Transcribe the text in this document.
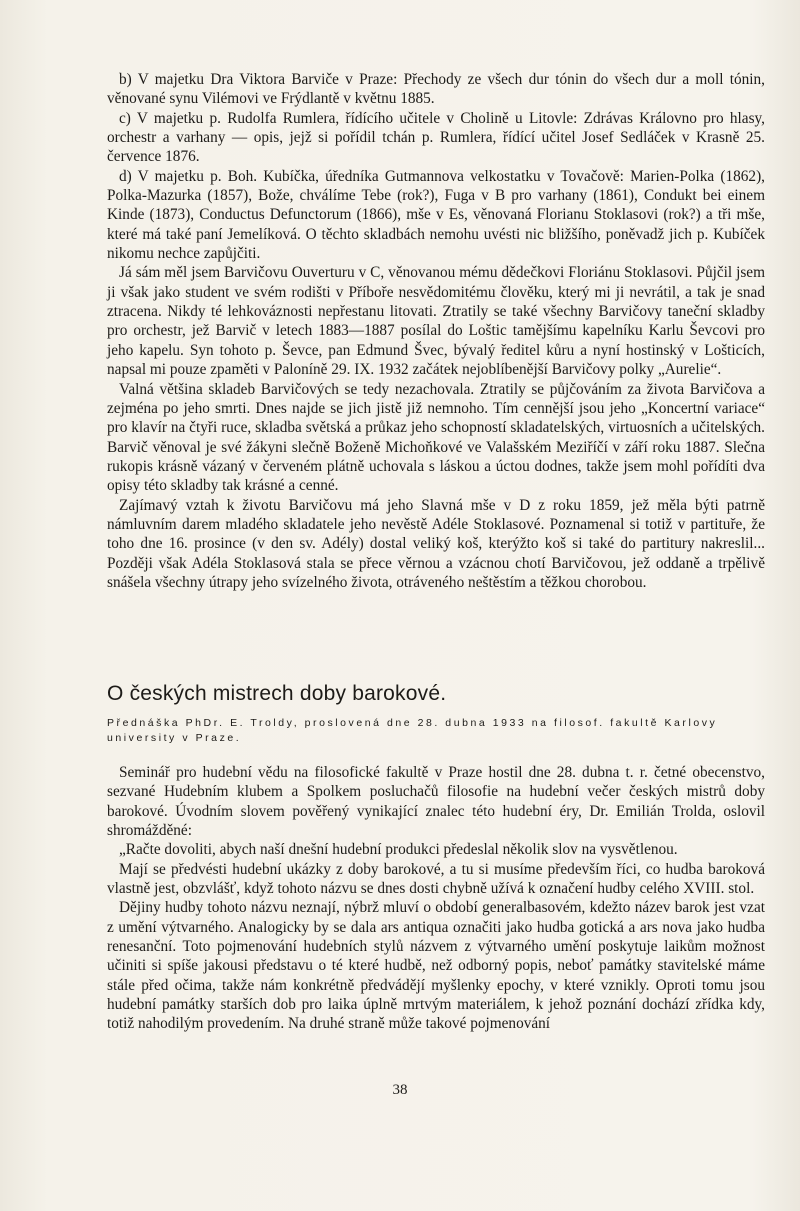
b) V majetku Dra Viktora Barviče v Praze: Přechody ze všech dur tónin do všech dur a moll tónin, věnované synu Vilémovi ve Frýdlantě v květnu 1885.

c) V majetku p. Rudolfa Rumlera, řídícího učitele v Cholině u Litovle: Zdrávas Královno pro hlasy, orchestr a varhany — opis, jejž si pořídil tchán p. Rumlera, řídící učitel Josef Sedláček v Krasně 25. července 1876.

d) V majetku p. Boh. Kubíčka, úředníka Gutmannova velkostatku v Tovačově: Marien-Polka (1862), Polka-Mazurka (1857), Bože, chválíme Tebe (rok?), Fuga v B pro varhany (1861), Condukt bei einem Kinde (1873), Conductus Defunctorum (1866), mše v Es, věnovaná Florianu Stoklasovi (rok?) a tři mše, které má také paní Jemelíková. O těchto skladbách nemohu uvésti nic bližšího, poněvadž jich p. Kubíček nikomu nechce zapůjčiti.

Já sám měl jsem Barvičovu Ouverturu v C, věnovanou mému dědečkovi Floriánu Stoklasovi. Půjčil jsem ji však jako student ve svém rodišti v Příboře nesvědomitému člověku, který mi ji nevrátil, a tak je snad ztracena. Nikdy té lehkováznosti nepřestanu litovati. Ztratily se také všechny Barvičovy taneční skladby pro orchestr, jež Barvič v letech 1883—1887 posílal do Loštic tamějšímu kapelníku Karlu Ševcovi pro jeho kapelu. Syn tohoto p. Ševce, pan Edmund Švec, bývalý ředitel kůru a nyní hostinský v Lošticích, napsal mi pouze zpaměti v Paloníně 29. IX. 1932 začátek nejoblíbenější Barvičovy polky „Aurelie“.

Valná většina skladeb Barvičových se tedy nezachovala. Ztratily se půjčováním za života Barvičova a zejména po jeho smrti. Dnes najde se jich jistě již nemnoho. Tím cennější jsou jeho „Koncertní variace“ pro klavír na čtyři ruce, skladba světská a průkaz jeho schopností skladatelských, virtuosních a učitelských. Barvič věnoval je své žákyni slečně Boženě Michoňkové ve Valašském Meziříčí v září roku 1887. Slečna rukopis krásně vázaný v červeném plátně uchovala s láskou a úctou dodnes, takže jsem mohl pořídíti dva opisy této skladby tak krásné a cenné.

Zajímavý vztah k životu Barvičovu má jeho Slavná mše v D z roku 1859, jež měla býti patrně námluvním darem mladého skladatele jeho nevěstě Adéle Stoklasové. Poznamenal si totiž v partituře, že toho dne 16. prosince (v den sv. Adély) dostal veliký koš, kterýžto koš si také do partitury nakreslil... Později však Adéla Stoklasová stala se přece věrnou a vzácnou chotí Barvičovou, jež oddaně a trpělivě snášela všechny útrapy jeho svízelného života, otráveného neštěstím a těžkou chorobou.

O českých mistrech doby barokové.
Přednáška PhDr. E. Troldy, proslovená dne 28. dubna 1933 na filosof. fakultě Karlovy university v Praze.

Seminář pro hudební vědu na filosofické fakultě v Praze hostil dne 28. dubna t. r. četné obecenstvo, sezvané Hudebním klubem a Spolkem posluchačů filosofie na hudební večer českých mistrů doby barokové. Úvodním slovem pověřený vynikající znalec této hudební éry, Dr. Emilián Trolda, oslovil shromážděné:

„Račte dovoliti, abych naší dnešní hudební produkci předeslal několik slov na vysvětlenou.

Mají se předvésti hudební ukázky z doby barokové, a tu si musíme především říci, co hudba baroková vlastně jest, obzvlášť, když tohoto názvu se dnes dosti chybně užívá k označení hudby celého XVIII. stol.

Dějiny hudby tohoto názvu neznají, nýbrž mluví o období generalbasovém, kdežto název barok jest vzat z umění výtvarného. Analogicky by se dala ars antiqua označiti jako hudba gotická a ars nova jako hudba renesanční. Toto pojmenování hudebních stylů názvem z výtvarného umění poskytuje laikům možnost učiniti si spíše jakousi představu o té které hudbě, než odborný popis, neboť památky stavitelské máme stále před očima, takže nám konkrétně předvádějí myšlenky epochy, v které vznikly. Oproti tomu jsou hudební památky starších dob pro laika úplně mrtvým materiálem, k jehož poznání dochází zřídka kdy, totiž nahodilým provedením. Na druhé straně může takové pojmenování

38
